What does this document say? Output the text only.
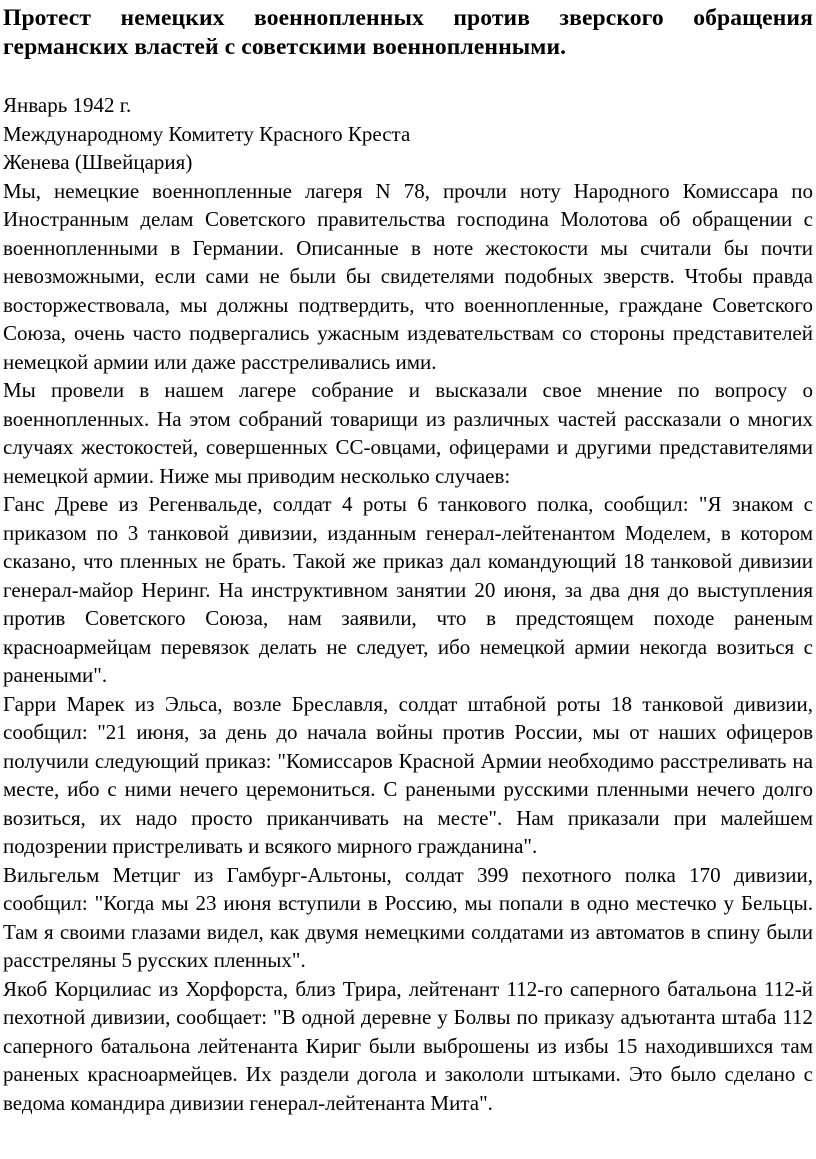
Протест немецких военнопленных против зверского обращения германских властей с советскими военнопленными.

Январь 1942 г.

Международному Комитету Красного Креста

Женева (Швейцария)

Мы, немецкие военнопленные лагеря N 78, прочли ноту Народного Комиссара по Иностранным делам Советского правительства господина Молотова об обращении с военнопленными в Германии. Описанные в ноте жестокости мы считали бы почти невозможными, если сами не были бы свидетелями подобных зверств. Чтобы правда восторжествовала, мы должны подтвердить, что военнопленные, граждане Советского Союза, очень часто подвергались ужасным издевательствам со стороны представителей немецкой армии или даже расстреливались ими.

Мы провели в нашем лагере собрание и высказали свое мнение по вопросу о военнопленных. На этом собраний товарищи из различных частей рассказали о многих случаях жестокостей, совершенных СС-овцами, офицерами и другими представителями немецкой армии. Ниже мы приводим несколько случаев:

Ганс Древе из Регенвальде, солдат 4 роты 6 танкового полка, сообщил: "Я знаком с приказом по 3 танковой дивизии, изданным генерал-лейтенантом Моделем, в котором сказано, что пленных не брать. Такой же приказ дал командующий 18 танковой дивизии генерал-майор Неринг. На инструктивном занятии 20 июня, за два дня до выступления против Советского Союза, нам заявили, что в предстоящем походе раненым красноармейцам перевязок делать не следует, ибо немецкой армии некогда возиться с ранеными".

Гарри Марек из Эльса, возле Бреславля, солдат штабной роты 18 танковой дивизии, сообщил: "21 июня, за день до начала войны против России, мы от наших офицеров получили следующий приказ: "Комиссаров Красной Армии необходимо расстреливать на месте, ибо с ними нечего церемониться. С ранеными русскими пленными нечего долго возиться, их надо просто приканчивать на месте". Нам приказали при малейшем подозрении пристреливать и всякого мирного гражданина".

Вильгельм Метциг из Гамбург-Альтоны, солдат 399 пехотного полка 170 дивизии, сообщил: "Когда мы 23 июня вступили в Россию, мы попали в одно местечко у Бельцы. Там я своими глазами видел, как двумя немецкими солдатами из автоматов в спину были расстреляны 5 русских пленных".

Якоб Корцилиас из Хорфорста, близ Трира, лейтенант 112-го саперного батальона 112-й пехотной дивизии, сообщает: "В одной деревне у Болвы по приказу адъютанта штаба 112 саперного батальона лейтенанта Кириг были выброшены из избы 15 находившихся там раненых красноармейцев. Их раздели догола и закололи штыками. Это было сделано с ведома командира дивизии генерал-лейтенанта Мита".
